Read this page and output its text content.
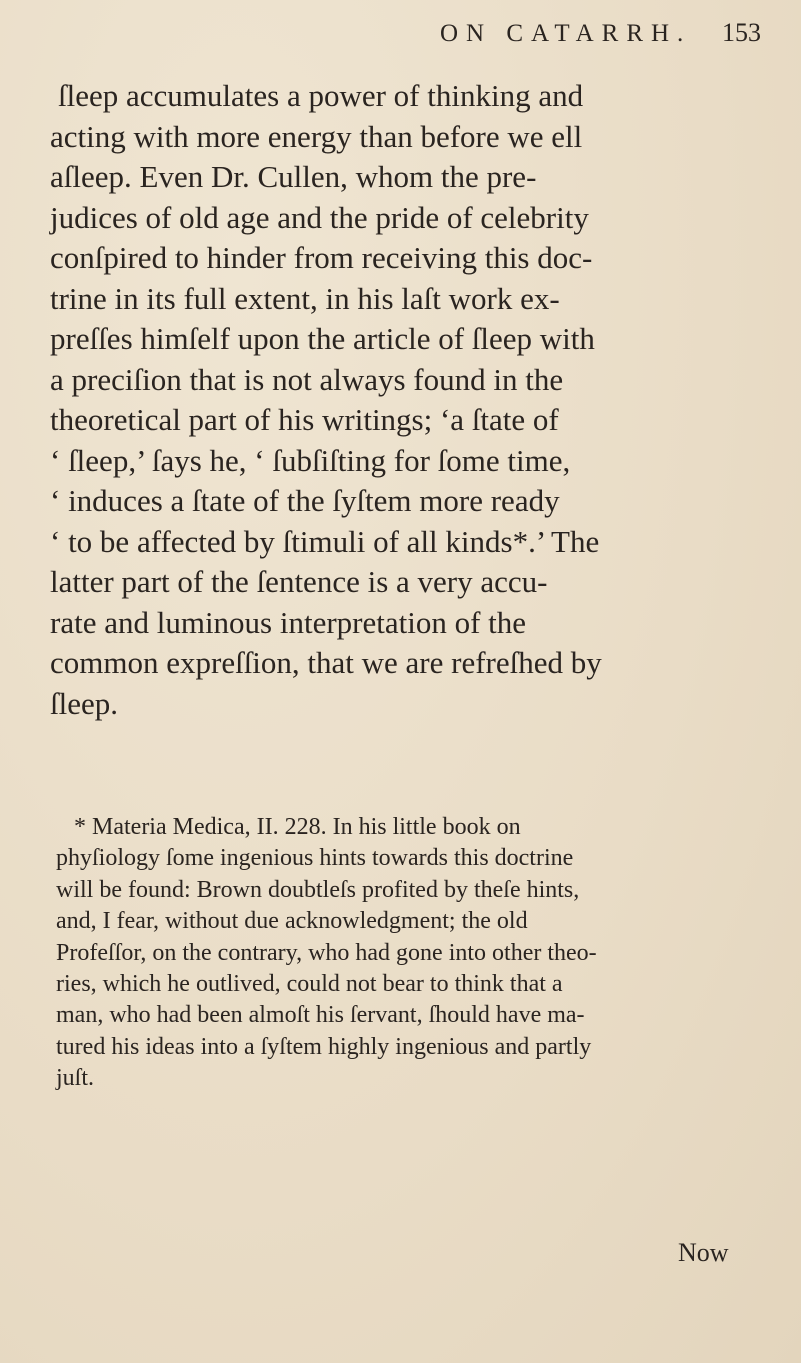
ON CATARRH. 153
ſleep accumulates a power of thinking and
acting with more energy than before we ell
aſleep. Even Dr. Cullen, whom the pre-
judices of old age and the pride of celebrity
conſpired to hinder from receiving this doc-
trine in its full extent, in his laſt work ex-
preſſes himſelf upon the article of ſleep with
a preciſion that is not always found in the
theoretical part of his writings; ‘a ſtate of
‘ ſleep,’ ſays he, ‘ ſubſiſting for ſome time,
‘ induces a ſtate of the ſyſtem more ready
‘ to be affected by ſtimuli of all kinds*.’ The
latter part of the ſentence is a very accu-
rate and luminous interpretation of the
common expreſſion, that we are refreſhed by
ſleep.
* Materia Medica, II. 228. In his little book on
phyſiology ſome ingenious hints towards this doctrine
will be found: Brown doubtleſs profited by theſe hints,
and, I fear, without due acknowledgment; the old
Profeſſor, on the contrary, who had gone into other theo-
ries, which he outlived, could not bear to think that a
man, who had been almoſt his ſervant, ſhould have ma-
tured his ideas into a ſyſtem highly ingenious and partly
juſt.
Now
